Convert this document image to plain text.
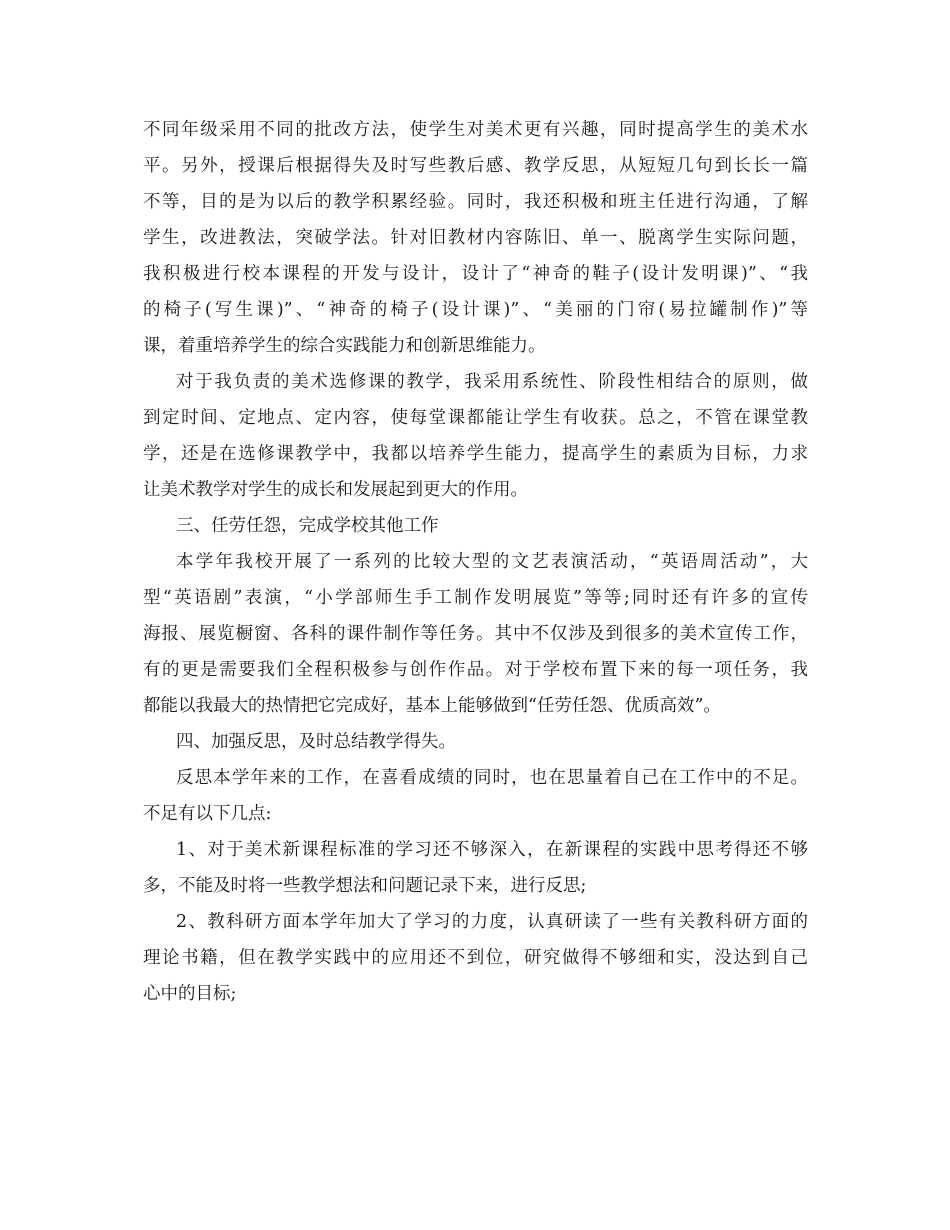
不同年级采用不同的批改方法，使学生对美术更有兴趣，同时提高学生的美术水

平。另外，授课后根据得失及时写些教后感、教学反思，从短短几句到长长一篇

不等，目的是为以后的教学积累经验。同时，我还积极和班主任进行沟通，了解

学生，改进教法，突破学法。针对旧教材内容陈旧、单一、脱离学生实际问题，

我积极进行校本课程的开发与设计，设计了“神奇的鞋子(设计发明课)”、“我

的椅子(写生课)”、“神奇的椅子(设计课)”、“美丽的门帘(易拉罐制作)”等

课，着重培养学生的综合实践能力和创新思维能力。

对于我负责的美术选修课的教学，我采用系统性、阶段性相结合的原则，做

到定时间、定地点、定内容，使每堂课都能让学生有收获。总之，不管在课堂教

学，还是在选修课教学中，我都以培养学生能力，提高学生的素质为目标，力求

让美术教学对学生的成长和发展起到更大的作用。

三、任劳任怨，完成学校其他工作

本学年我校开展了一系列的比较大型的文艺表演活动，“英语周活动”，大

型“英语剧”表演，“小学部师生手工制作发明展览”等等;同时还有许多的宣传

海报、展览橱窗、各科的课件制作等任务。其中不仅涉及到很多的美术宣传工作，

有的更是需要我们全程积极参与创作作品。对于学校布置下来的每一项任务，我

都能以我最大的热情把它完成好，基本上能够做到“任劳任怨、优质高效”。

四、加强反思，及时总结教学得失。

反思本学年来的工作，在喜看成绩的同时，也在思量着自己在工作中的不足。

不足有以下几点:

1、对于美术新课程标准的学习还不够深入，在新课程的实践中思考得还不够

多，不能及时将一些教学想法和问题记录下来，进行反思;

2、教科研方面本学年加大了学习的力度，认真研读了一些有关教科研方面的

理论书籍，但在教学实践中的应用还不到位，研究做得不够细和实，没达到自己

心中的目标;
